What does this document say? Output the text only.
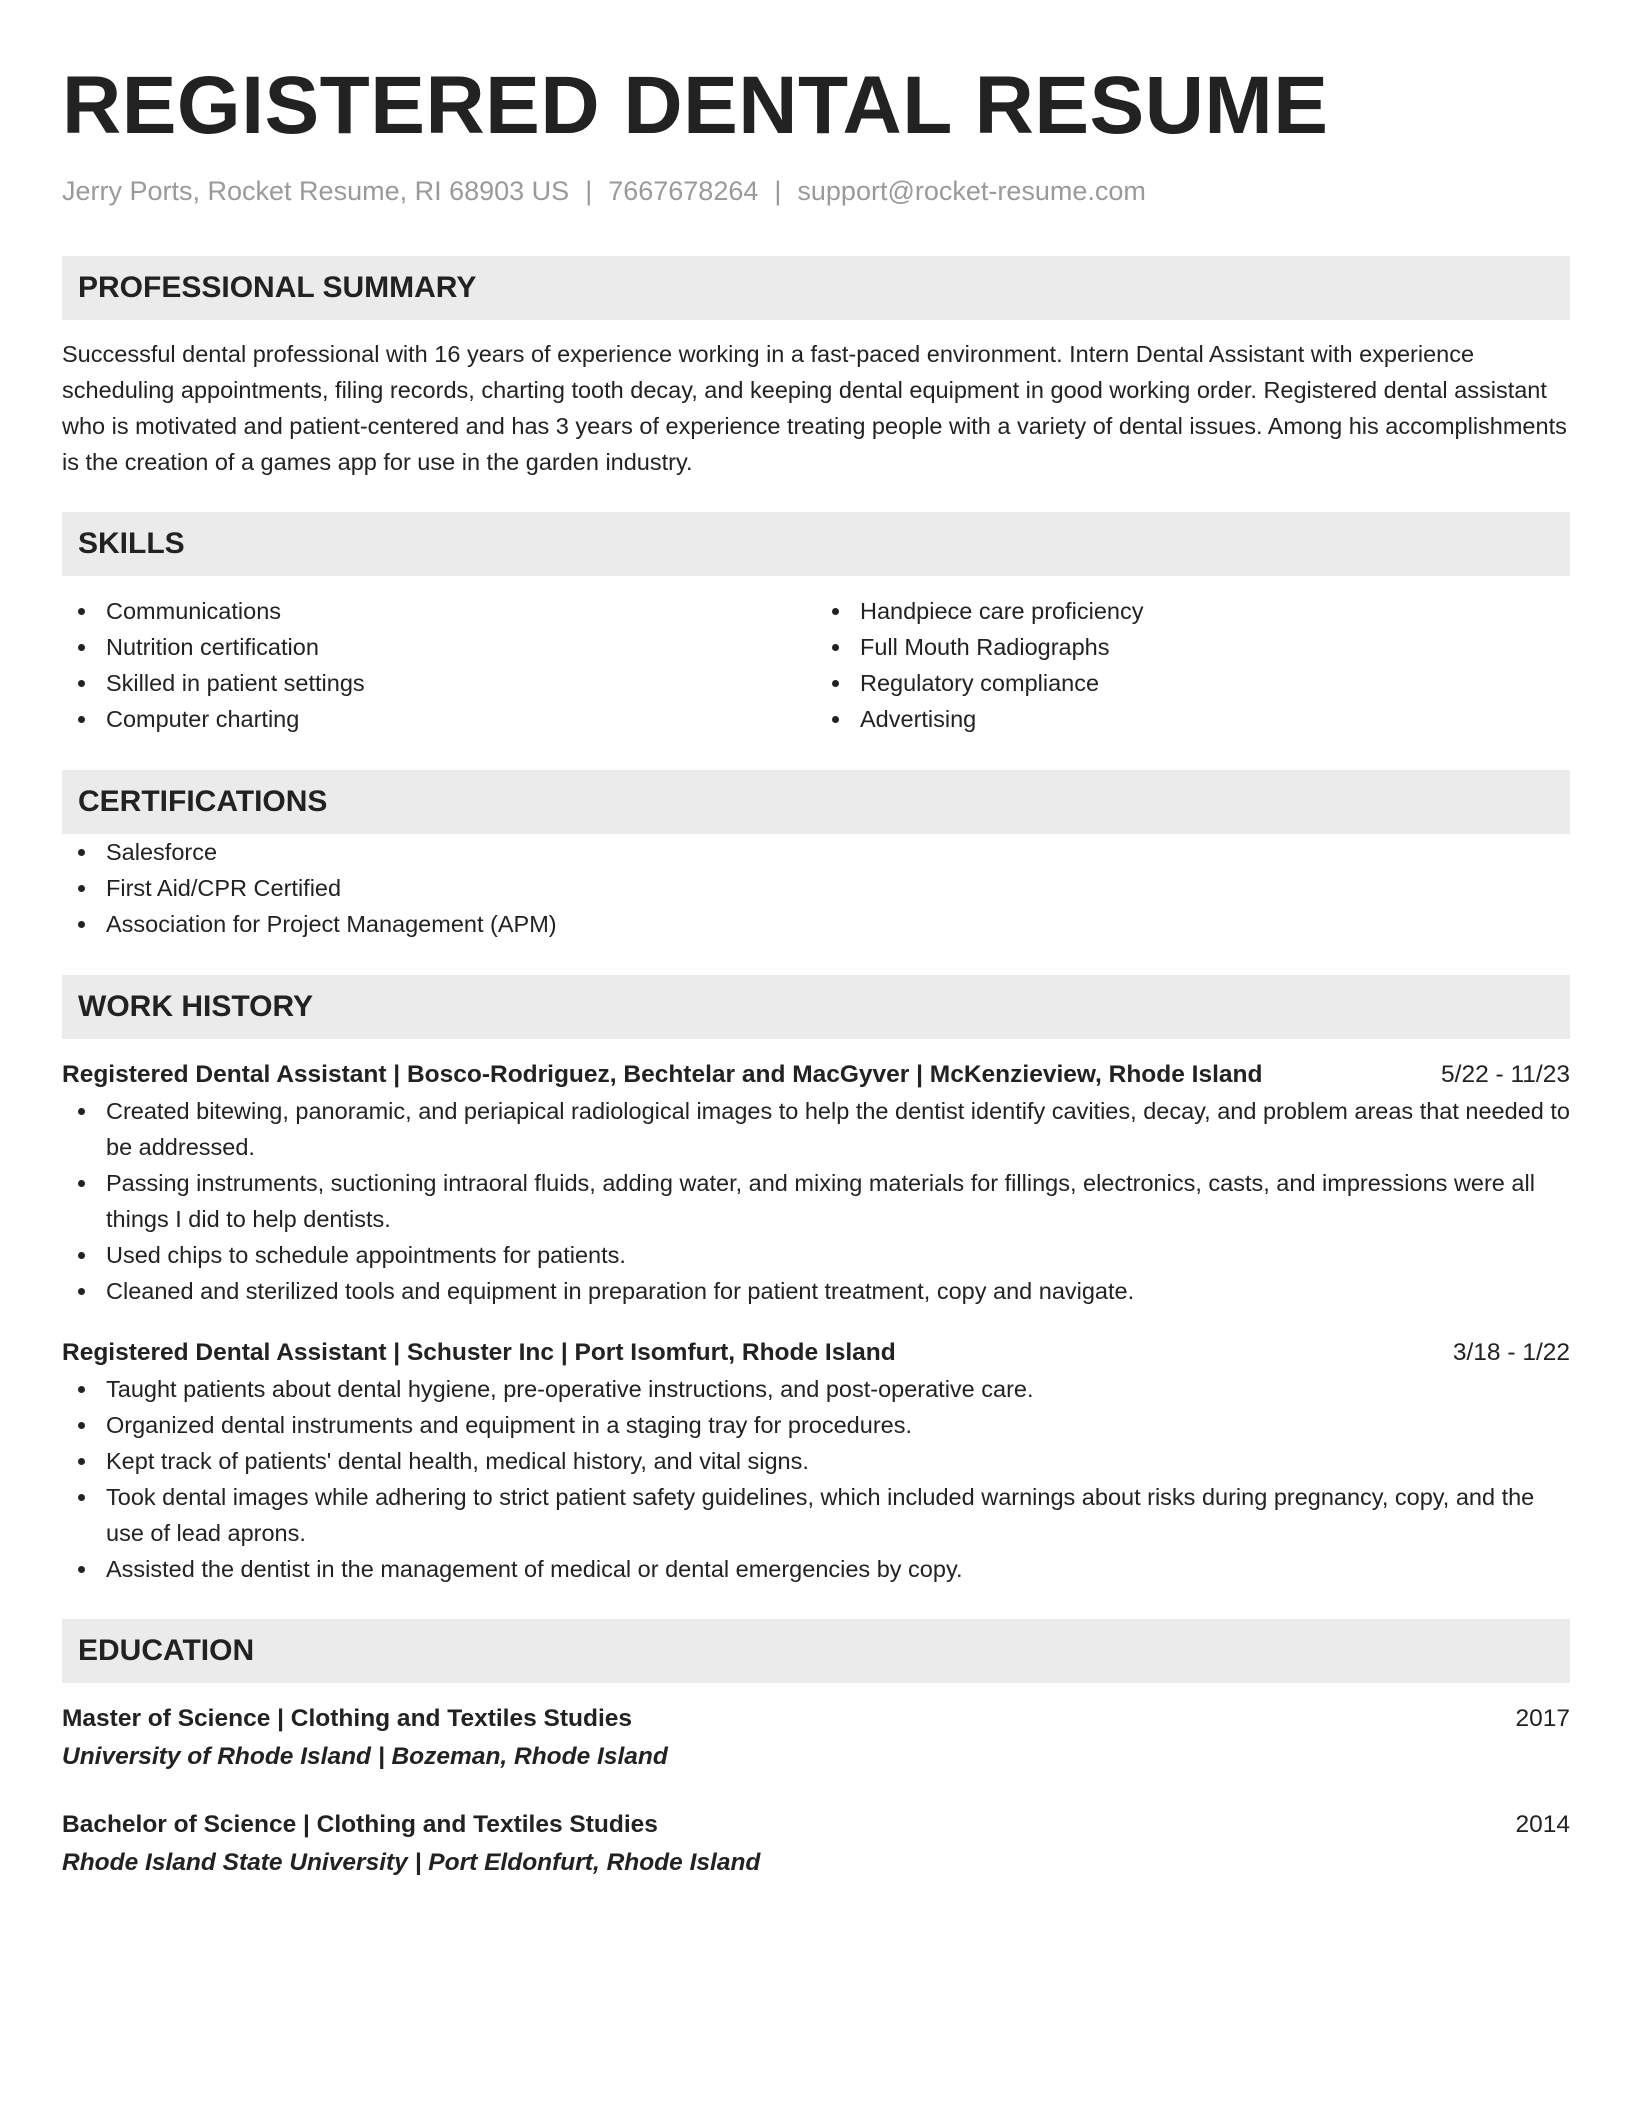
REGISTERED DENTAL RESUME
Jerry Ports, Rocket Resume, RI 68903 US | 7667678264 | support@rocket-resume.com
PROFESSIONAL SUMMARY
Successful dental professional with 16 years of experience working in a fast-paced environment. Intern Dental Assistant with experience scheduling appointments, filing records, charting tooth decay, and keeping dental equipment in good working order. Registered dental assistant who is motivated and patient-centered and has 3 years of experience treating people with a variety of dental issues. Among his accomplishments is the creation of a games app for use in the garden industry.
SKILLS
Communications
Nutrition certification
Skilled in patient settings
Computer charting
Handpiece care proficiency
Full Mouth Radiographs
Regulatory compliance
Advertising
CERTIFICATIONS
Salesforce
First Aid/CPR Certified
Association for Project Management (APM)
WORK HISTORY
Registered Dental Assistant | Bosco-Rodriguez, Bechtelar and MacGyver | McKenzieview, Rhode Island	5/22 - 11/23
Created bitewing, panoramic, and periapical radiological images to help the dentist identify cavities, decay, and problem areas that needed to be addressed.
Passing instruments, suctioning intraoral fluids, adding water, and mixing materials for fillings, electronics, casts, and impressions were all things I did to help dentists.
Used chips to schedule appointments for patients.
Cleaned and sterilized tools and equipment in preparation for patient treatment, copy and navigate.
Registered Dental Assistant | Schuster Inc | Port Isomfurt, Rhode Island	3/18 - 1/22
Taught patients about dental hygiene, pre-operative instructions, and post-operative care.
Organized dental instruments and equipment in a staging tray for procedures.
Kept track of patients' dental health, medical history, and vital signs.
Took dental images while adhering to strict patient safety guidelines, which included warnings about risks during pregnancy, copy, and the use of lead aprons.
Assisted the dentist in the management of medical or dental emergencies by copy.
EDUCATION
Master of Science | Clothing and Textiles Studies	2017
University of Rhode Island | Bozeman, Rhode Island
Bachelor of Science | Clothing and Textiles Studies	2014
Rhode Island State University | Port Eldonfurt, Rhode Island
